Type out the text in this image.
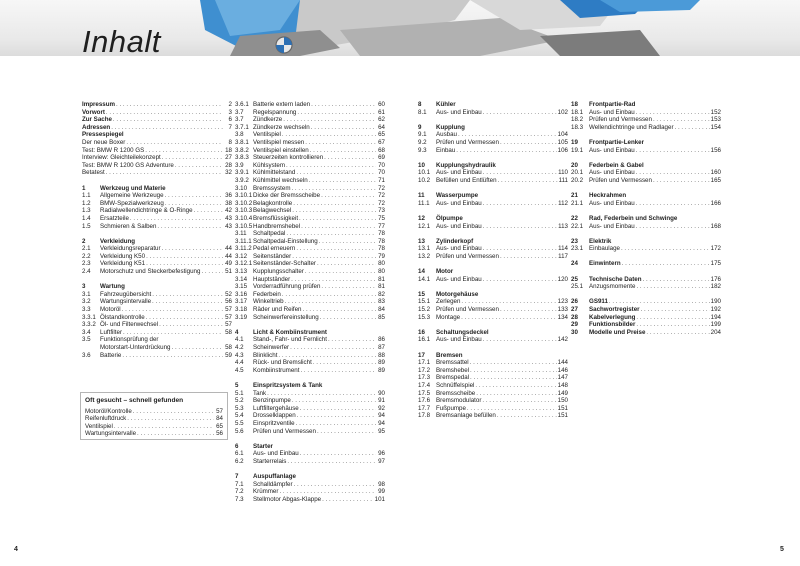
Inhalt
Impressum . . .	2
Vorwort . . .	3
Zur Sache . . .	6
Adressen . . .	7
Pressespiegel
Der neue Boxer . . .	8
Test: BMW R 1200 GS . . .	18
Interview: Gleichteilekonzept . . .	27
Test: BMW R 1200 GS Adventure . . .	28
Betatest . . .	32
1	Werkzeug und Materie
1.1	Allgemeine Werkzeuge . . .	36
1.2	BMW-Spezialwerkzeug . . .	38
1.3	Radialwellendichtringe & O-Ringe . . .	42
1.4	Ersatzteile . . .	43
1.5	Schmieren & Salben . . .	43
2	Verkleidung
2.1	Verkleidungsreparatur . . .	44
2.2	Verkleidung K50 . . .	44
2.3	Verkleidung K51 . . .	49
2.4	Motorschutz und Steckerbefestigung . . .	51
3	Wartung
3.1	Fahrzeugübersicht . . .	52
3.2	Wartungsintervalle . . .	56
3.3	Motoröl . . .	57
3.3.1 Ölstandkontrolle . . .	57
3.3.2 Öl- und Filterwechsel . . .	57
3.4	Luftfilter . . .	58
3.5	Funktionsprüfung der
Motorstart-Unterdrückung . . .	58
3.6	Batterie . . .	59
3.6.1 Batterie extern laden . . .	60
3.7	Regelspannung . . .	61
3.7	Zündkerze . . .	62
3.7.1 Zündkerze wechseln . . .	64
3.8	Ventilspiel . . .	65
3.8.1 Ventilspiel messen . . .	67
3.8.2 Ventilspiel einstellen . . .	68
3.8.3 Steuerzeiten kontrollieren . . .	69
3.9	Kühlsystem . . .	70
3.9.1 Kühlmittelstand . . .	70
3.9.2 Kühlmittel wechseln . . .	71
3.10 Bremssystem . . .	72
3.10.1 Dicke der Bremsscheibe . . .	72
3.10.2 Belagkontrolle . . .	72
3.10.3 Belagwechsel . . .	73
3.10.4 Bremsflüssigkeit . . .	75
3.10.5 Handbremshebel . . .	77
3.11	Schaltpedal . . .	78
3.11.1 Schaltpedal-Einstellung . . .	78
3.11.2 Pedal erneuern . . .	78
3.12 Seitenständer . . .	79
3.12.1 Seitenständer-Schalter . . .	80
3.13 Kupplungsschalter . . .	80
3.14 Hauptständer . . .	81
3.15 Vorderradführung prüfen . . .	81
3.16 Federbein . . .	82
3.17 Winkeltrieb . . .	83
3.18 Räder und Reifen . . .	84
3.19 Scheinwerfereinstellung . . .	85
4	Licht & Kombiinstrument
4.1	Stand-, Fahr- und Fernlicht . . .	86
4.2	Scheinwerfer . . .	87
4.3	Blinklicht . . .	88
4.4	Rück- und Bremslicht . . .	89
4.5	Kombiinstrument . . .	89
5	Einspritzsystem & Tank
5.1	Tank . . .	90
5.2	Benzinpumpe . . .	91
5.3	Luftfiltergehäuse . . .	92
5.4	Drosselklappen . . .	94
5.5	Einspritzventile . . .	94
5.6	Prüfen und Vermessen . . .	95
6	Starter
6.1	Aus- und Einbau . . .	96
6.2	Starterrelais . . .	97
7	Auspuffanlage
7.1	Schalldämpfer . . .	98
7.2	Krümmer . . .	99
7.3	Stellmotor Abgas-Klappe . . .	101
8	Kühler
8.1	Aus- und Einbau . . .	102
9	Kupplung
9.1	Ausbau . . .	104
9.2	Prüfen und Vermessen . . .	105
9.3	Einbau . . .	106
10	Kupplungshydraulik
10.1 Aus- und Einbau . . .	110
10.2 Befüllen und Entlüften . . .	111
11	Wasserpumpe
11.1	Aus- und Einbau . . .	112
12	Ölpumpe
12.1 Aus- und Einbau . . .	113
13	Zylinderkopf
13.1 Aus- und Einbau . . .	114
13.2 Prüfen und Vermessen . . .	117
14	Motor
14.1 Aus- und Einbau . . .	120
15	Motorgehäuse
15.1 Zerlegen . . .	123
15.2 Prüfen und Vermessen . . .	133
15.3 Montage . . .	134
16	Schaltungsdeckel
16.1 Aus- und Einbau . . .	142
17	Bremsen
17.1 Bremssattel . . .	144
17.2 Bremshebel . . .	146
17.3 Bremspedal . . .	147
17.4 Schnüffelspiel . . .	148
17.5 Bremsscheibe . . .	149
17.6 Bremsmodulator . . .	150
17.7 Fußpumpe . . .	151
17.8 Bremsanlage befüllen . . .	151
18	Frontpartie-Rad
18.1 Aus- und Einbau . . .	152
18.2 Prüfen und Vermessen . . .	153
18.3 Wellendichtringe und Radlager . . .	154
19	Frontpartie-Lenker
19.1 Aus- und Einbau . . .	156
20	Federbein & Gabel
20.1 Aus- und Einbau . . .	160
20.2 Prüfen und Vermessen . . .	165
21	Heckrahmen
21.1 Aus- und Einbau . . .	166
22	Rad, Federbein und Schwinge
22.1 Aus- und Einbau . . .	168
23	Elektrik
23.1 Einbaulage . . .	172
24	Einwintern . . .	175
25	Technische Daten . . .	176
25.1 Anzugsmomente . . .	182
26	GS911 . . .	190
27	Sachwortregister . . .	192
28	Kabelverlegung . . .	194
29	Funktionsbilder . . .	199
30	Modelle und Preise . . .	204
Oft gesucht – schnell gefunden
Motoröl/Kontrolle . . .	57
Reifenluftdruck . . .	84
Ventilspiel . . .	65
Wartungsintervalle . . .	56
4	5
